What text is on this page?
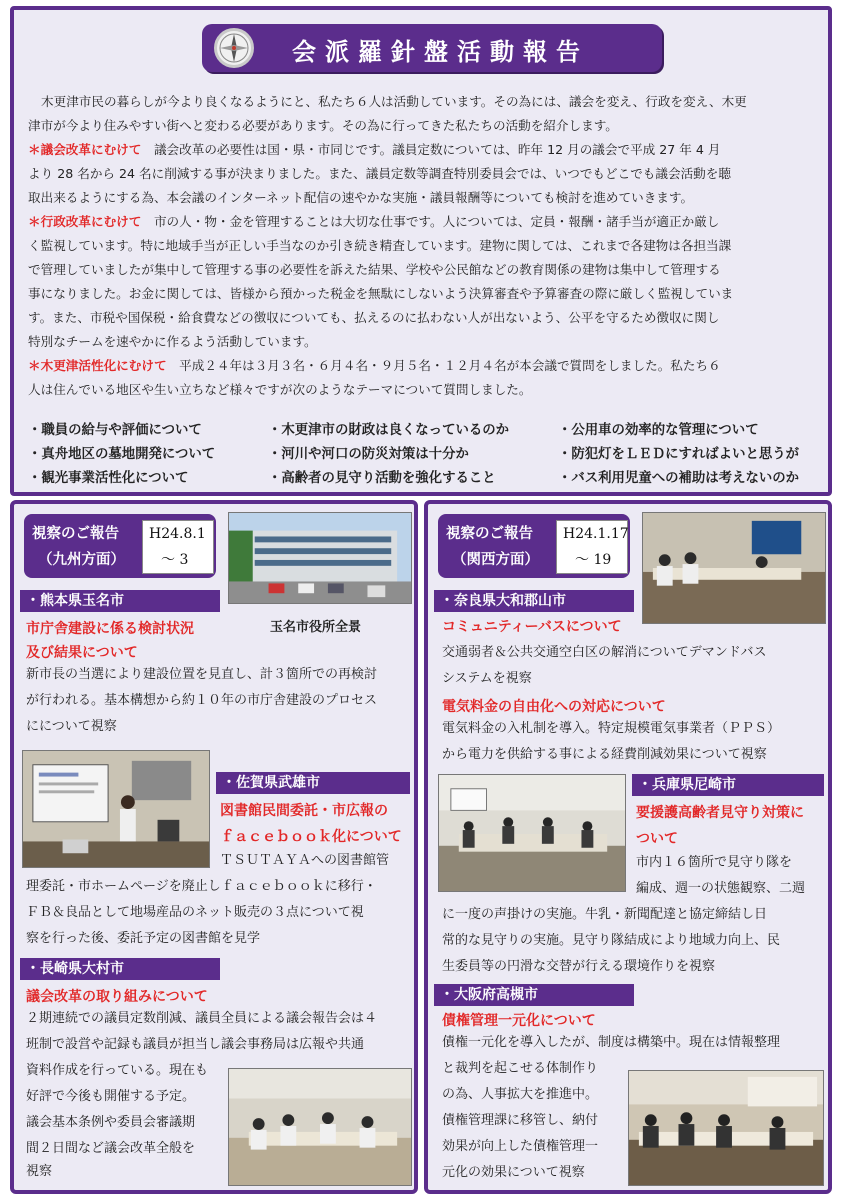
会派羅針盤活動報告

木更津市民の暮らしが今より良くなるようにと、私たち６人は活動しています。その為には、議会を変え、行政を変え、木更

津市が今より住みやすい街へと変わる必要があります。その為に行ってきた私たちの活動を紹介します。

＊議会改革にむけて　 議会改革の必要性は国・県・市同じです。議員定数については、昨年 12 月の議会で平成 27 年 4 月

より 28 名から 24 名に削減する事が決まりました。また、議員定数等調査特別委員会では、いつでもどこでも議会活動を聴

取出来るようにする為、本会議のインターネット配信の速やかな実施・議員報酬等についても検討を進めていきます。

＊行政改革にむけて　 市の人・物・金を管理することは大切な仕事です。人については、定員・報酬・諸手当が適正か厳し

く監視しています。特に地域手当が正しい手当なのか引き続き精査しています。建物に関しては、これまで各建物は各担当課

で管理していましたが集中して管理する事の必要性を訴えた結果、学校や公民館などの教育関係の建物は集中して管理する

事になりました。お金に関しては、皆様から預かった税金を無駄にしないよう決算審査や予算審査の際に厳しく監視していま

す。また、市税や国保税・給食費などの徴収についても、払えるのに払わない人が出ないよう、公平を守るため徴収に関し

特別なチームを速やかに作るよう活動しています。

＊木更津活性化にむけて　 平成２４年は３月３名・６月４名・９月５名・１２月４名が本会議で質問をしました。私たち６

人は住んでいる地区や生い立ちなど様々ですが次のようなテーマについて質問しました。

・職員の給与や評価について	・木更津市の財政は良くなっているのか	・公用車の効率的な管理について
・真舟地区の墓地開発について	・河川や河口の防災対策は十分か	・防犯灯をＬＥＤにすればよいと思うが
・観光事業活性化について	・高齢者の見守り活動を強化すること	・バス利用児童への補助は考えないのか
視察のご報告
（九州方面）
H24.8.1
～ 3
玉名市役所全景
・熊本県玉名市
市庁舎建設に係る検討状況
及び結果について
新市長の当選により建設位置を見直し、計３箇所での再検討
が行われる。基本構想から約１０年の市庁舎建設のプロセス
にについて視察
・佐賀県武雄市
図書館民間委託・市広報の
ｆａｃｅｂｏｏｋ化について
ＴＳＵＴＡＹＡへの図書館管
理委託・市ホームページを廃止しｆａｃｅｂｏｏｋに移行・
ＦＢ＆良品として地場産品のネット販売の３点について視
察を行った後、委託予定の図書館を見学
・長崎県大村市
議会改革の取り組みについて
２期連続での議員定数削減、議員全員による議会報告会は４
班制で設営や記録も議員が担当し議会事務局は広報や共通
資料作成を行っている。現在も
好評で今後も開催する予定。
議会基本条例や委員会審議期
間２日間など議会改革全般を
視察
視察のご報告
（関西方面）
H24.1.17
～ 19
・奈良県大和郡山市
コミュニティーバスについて
交通弱者＆公共交通空白区の解消についてデマンドバス
システムを視察
電気料金の自由化への対応について
電気料金の入札制を導入。特定規模電気事業者（ＰＰＳ）
から電力を供給する事による経費削減効果について視察
・兵庫県尼崎市
要援護高齢者見守り対策に
ついて
市内１６箇所で見守り隊を
編成、週一の状態観察、二週
に一度の声掛けの実施。牛乳・新聞配達と協定締結し日
常的な見守りの実施。見守り隊結成により地域力向上、民
生委員等の円滑な交替が行える環境作りを視察
・大阪府高槻市
債権管理一元化について
債権一元化を導入したが、制度は構築中。現在は情報整理
と裁判を起こせる体制作り
の為、人事拡大を推進中。
債権管理課に移管し、納付
効果が向上した債権管理一
元化の効果について視察
